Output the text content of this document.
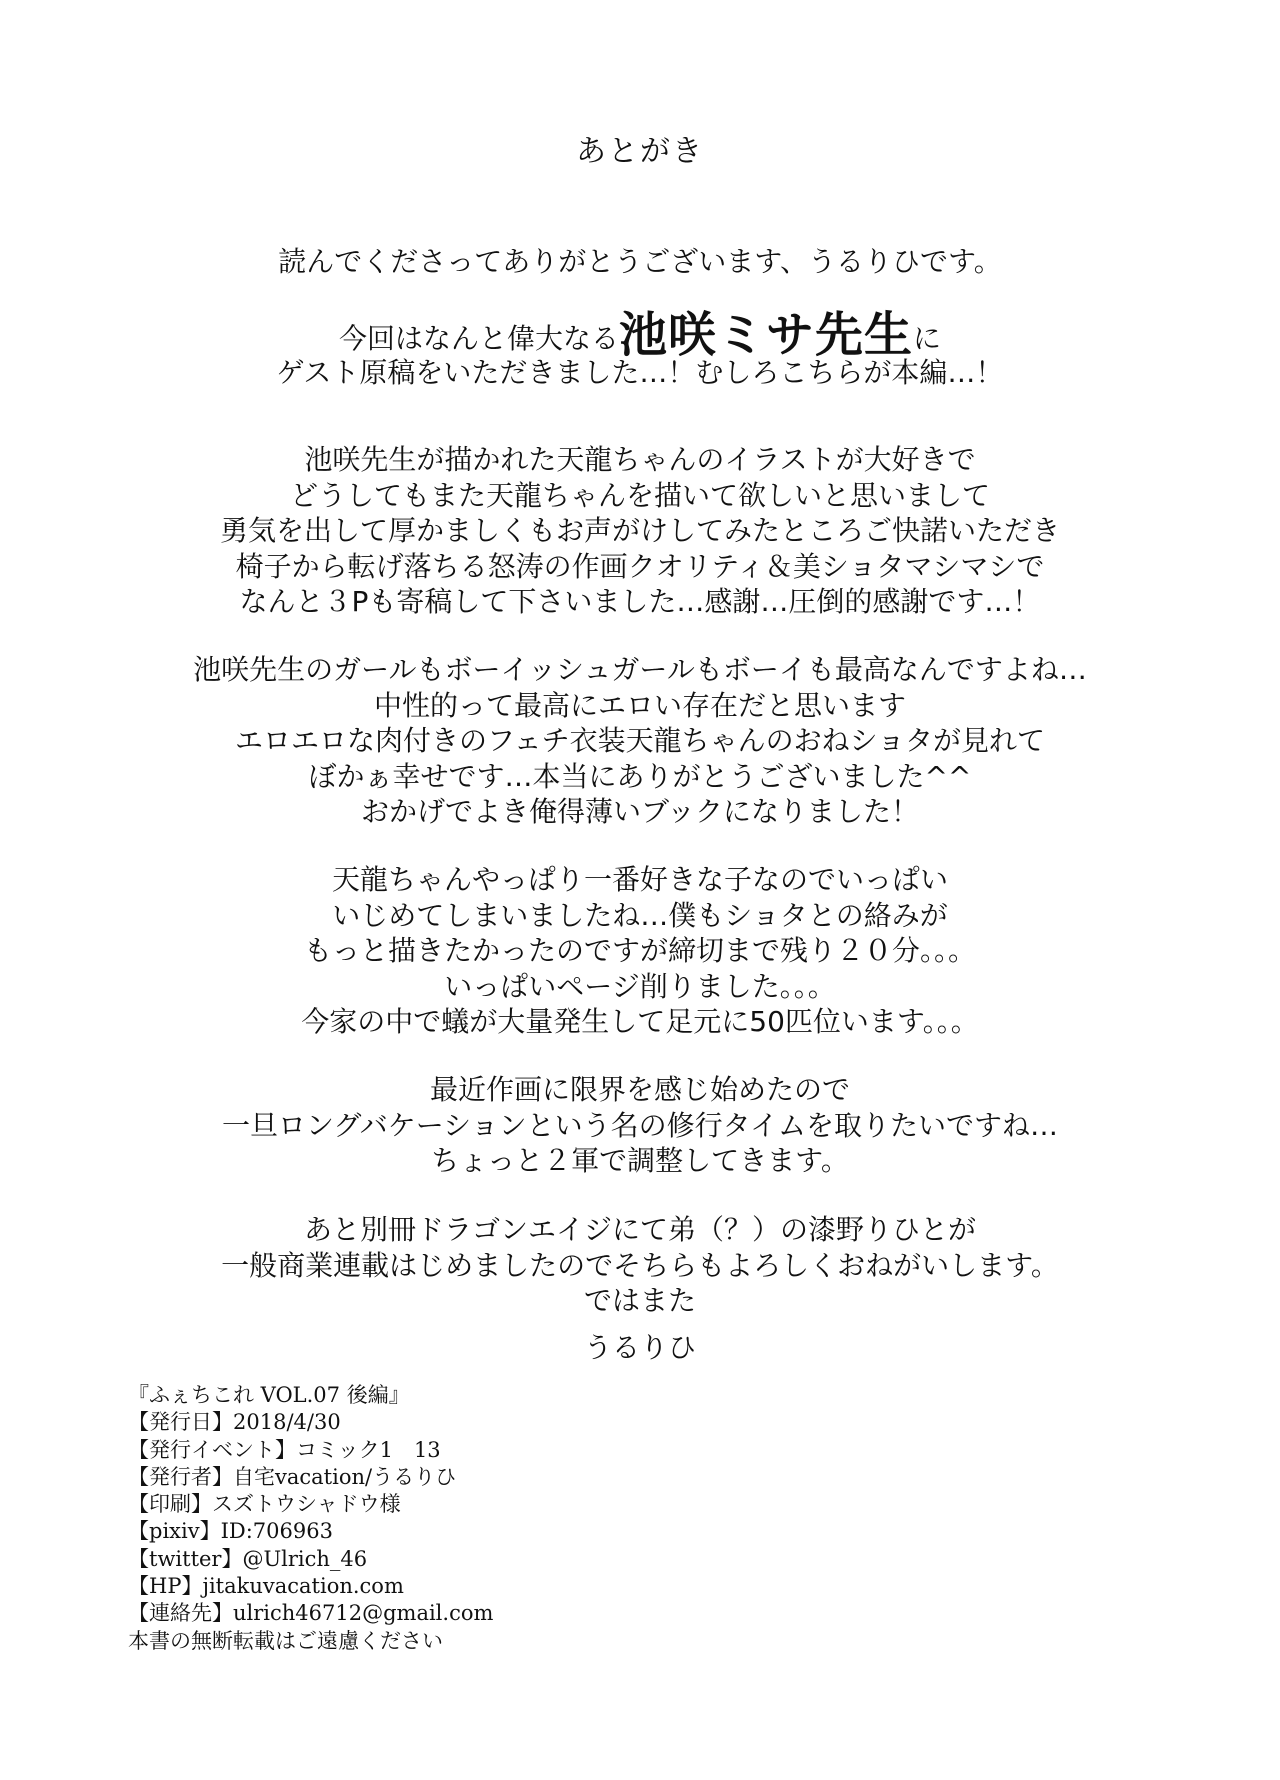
あとがき
読んでくださってありがとうございます、うるりひです。
今回はなんと偉大なる池咲ミサ先生に
ゲスト原稿をいただきました…！むしろこちらが本編…！
池咲先生が描かれた天龍ちゃんのイラストが大好きで
どうしてもまた天龍ちゃんを描いて欲しいと思いまして
勇気を出して厚かましくもお声がけしてみたところご快諾いただき
椅子から転げ落ちる怒涛の作画クオリティ＆美ショタマシマシで
なんと３Pも寄稿して下さいました…感謝…圧倒的感謝です…！
池咲先生のガールもボーイッシュガールもボーイも最高なんですよね…
中性的って最高にエロい存在だと思います
エロエロな肉付きのフェチ衣装天龍ちゃんのおねショタが見れて
ぼかぁ幸せです…本当にありがとうございました^^
おかげでよき俺得薄いブックになりました！
天龍ちゃんやっぱり一番好きな子なのでいっぱい
いじめてしまいましたね…僕もショタとの絡みが
もっと描きたかったのですが締切まで残り２０分。。。
いっぱいページ削りました。。。
今家の中で蟻が大量発生して足元に50匹位います。。。
最近作画に限界を感じ始めたので
一旦ロングバケーションという名の修行タイムを取りたいですね…
ちょっと２軍で調整してきます。
あと別冊ドラゴンエイジにて弟（？）の漆野りひとが
一般商業連載はじめましたのでそちらもよろしくおねがいします。
ではまた
うるりひ
『ふぇちこれ VOL.07 後編』
【発行日】2018/4/30
【発行イベント】コミック1　13
【発行者】自宅vacation/うるりひ
【印刷】スズトウシャドウ様
【pixiv】ID:706963
【twitter】@Ulrich_46
【HP】jitakuvacation.com
【連絡先】ulrich46712@gmail.com
本書の無断転載はご遠慮ください
